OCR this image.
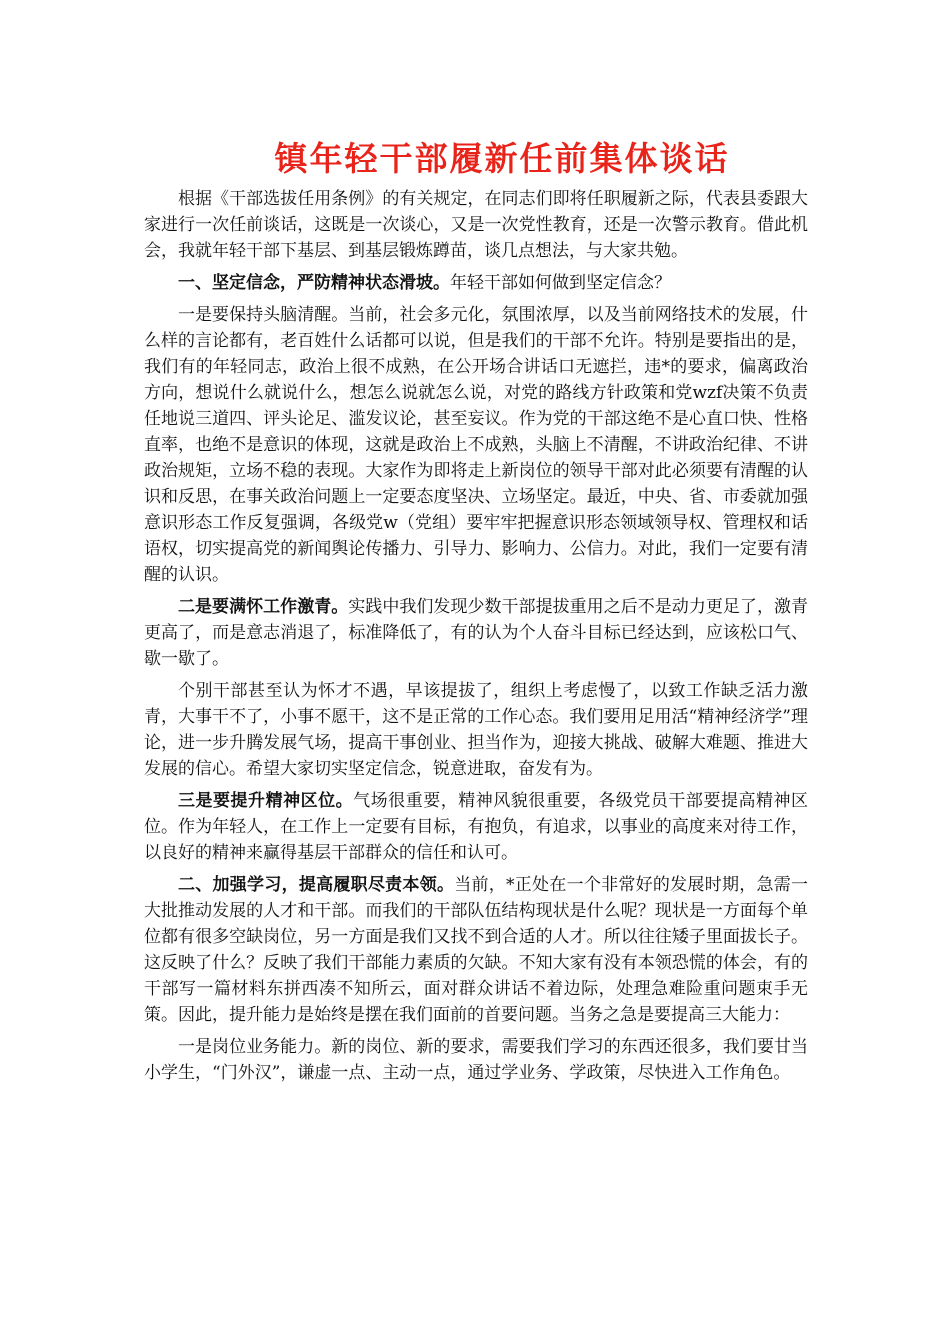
镇年轻干部履新任前集体谈话

根据《干部选拔任用条例》的有关规定，在同志们即将任职履新之际，代表县委跟大家进行一次任前谈话，这既是一次谈心，又是一次党性教育，还是一次警示教育。借此机会，我就年轻干部下基层、到基层锻炼蹲苗，谈几点想法，与大家共勉。

一、坚定信念，严防精神状态滑坡。年轻干部如何做到坚定信念？

一是要保持头脑清醒。当前，社会多元化，氛围浓厚，以及当前网络技术的发展，什么样的言论都有，老百姓什么话都可以说，但是我们的干部不允许。特别是要指出的是，我们有的年轻同志，政治上很不成熟，在公开场合讲话口无遮拦，违*的要求，偏离政治方向，想说什么就说什么，想怎么说就怎么说，对党的路线方针政策和党wzf决策不负责任地说三道四、评头论足、滥发议论，甚至妄议。作为党的干部这绝不是心直口快、性格直率，也绝不是意识的体现，这就是政治上不成熟，头脑上不清醒，不讲政治纪律、不讲政治规矩，立场不稳的表现。大家作为即将走上新岗位的领导干部对此必须要有清醒的认识和反思，在事关政治问题上一定要态度坚决、立场坚定。最近，中央、省、市委就加强意识形态工作反复强调，各级党w（党组）要牢牢把握意识形态领域领导权、管理权和话语权，切实提高党的新闻舆论传播力、引导力、影响力、公信力。对此，我们一定要有清醒的认识。

二是要满怀工作激青。实践中我们发现少数干部提拔重用之后不是动力更足了，激青更高了，而是意志消退了，标准降低了，有的认为个人奋斗目标已经达到，应该松口气、歇一歇了。

个别干部甚至认为怀才不遇，早该提拔了，组织上考虑慢了，以致工作缺乏活力激青，大事干不了，小事不愿干，这不是正常的工作心态。我们要用足用活“精神经济学”理论，进一步升腾发展气场，提高干事创业、担当作为，迎接大挑战、破解大难题、推进大发展的信心。希望大家切实坚定信念，锐意进取，奋发有为。

三是要提升精神区位。气场很重要，精神风貌很重要，各级党员干部要提高精神区位。作为年轻人，在工作上一定要有目标，有抱负，有追求，以事业的高度来对待工作，以良好的精神来赢得基层干部群众的信任和认可。

二、加强学习，提高履职尽责本领。当前，*正处在一个非常好的发展时期，急需一大批推动发展的人才和干部。而我们的干部队伍结构现状是什么呢？现状是一方面每个单位都有很多空缺岗位，另一方面是我们又找不到合适的人才。所以往往矮子里面拔长子。这反映了什么？反映了我们干部能力素质的欠缺。不知大家有没有本领恐慌的体会，有的干部写一篇材料东拼西凑不知所云，面对群众讲话不着边际，处理急难险重问题束手无策。因此，提升能力是始终是摆在我们面前的首要问题。当务之急是要提高三大能力：

一是岗位业务能力。新的岗位、新的要求，需要我们学习的东西还很多，我们要甘当小学生，“门外汉”，谦虚一点、主动一点，通过学业务、学政策，尽快进入工作角色。
